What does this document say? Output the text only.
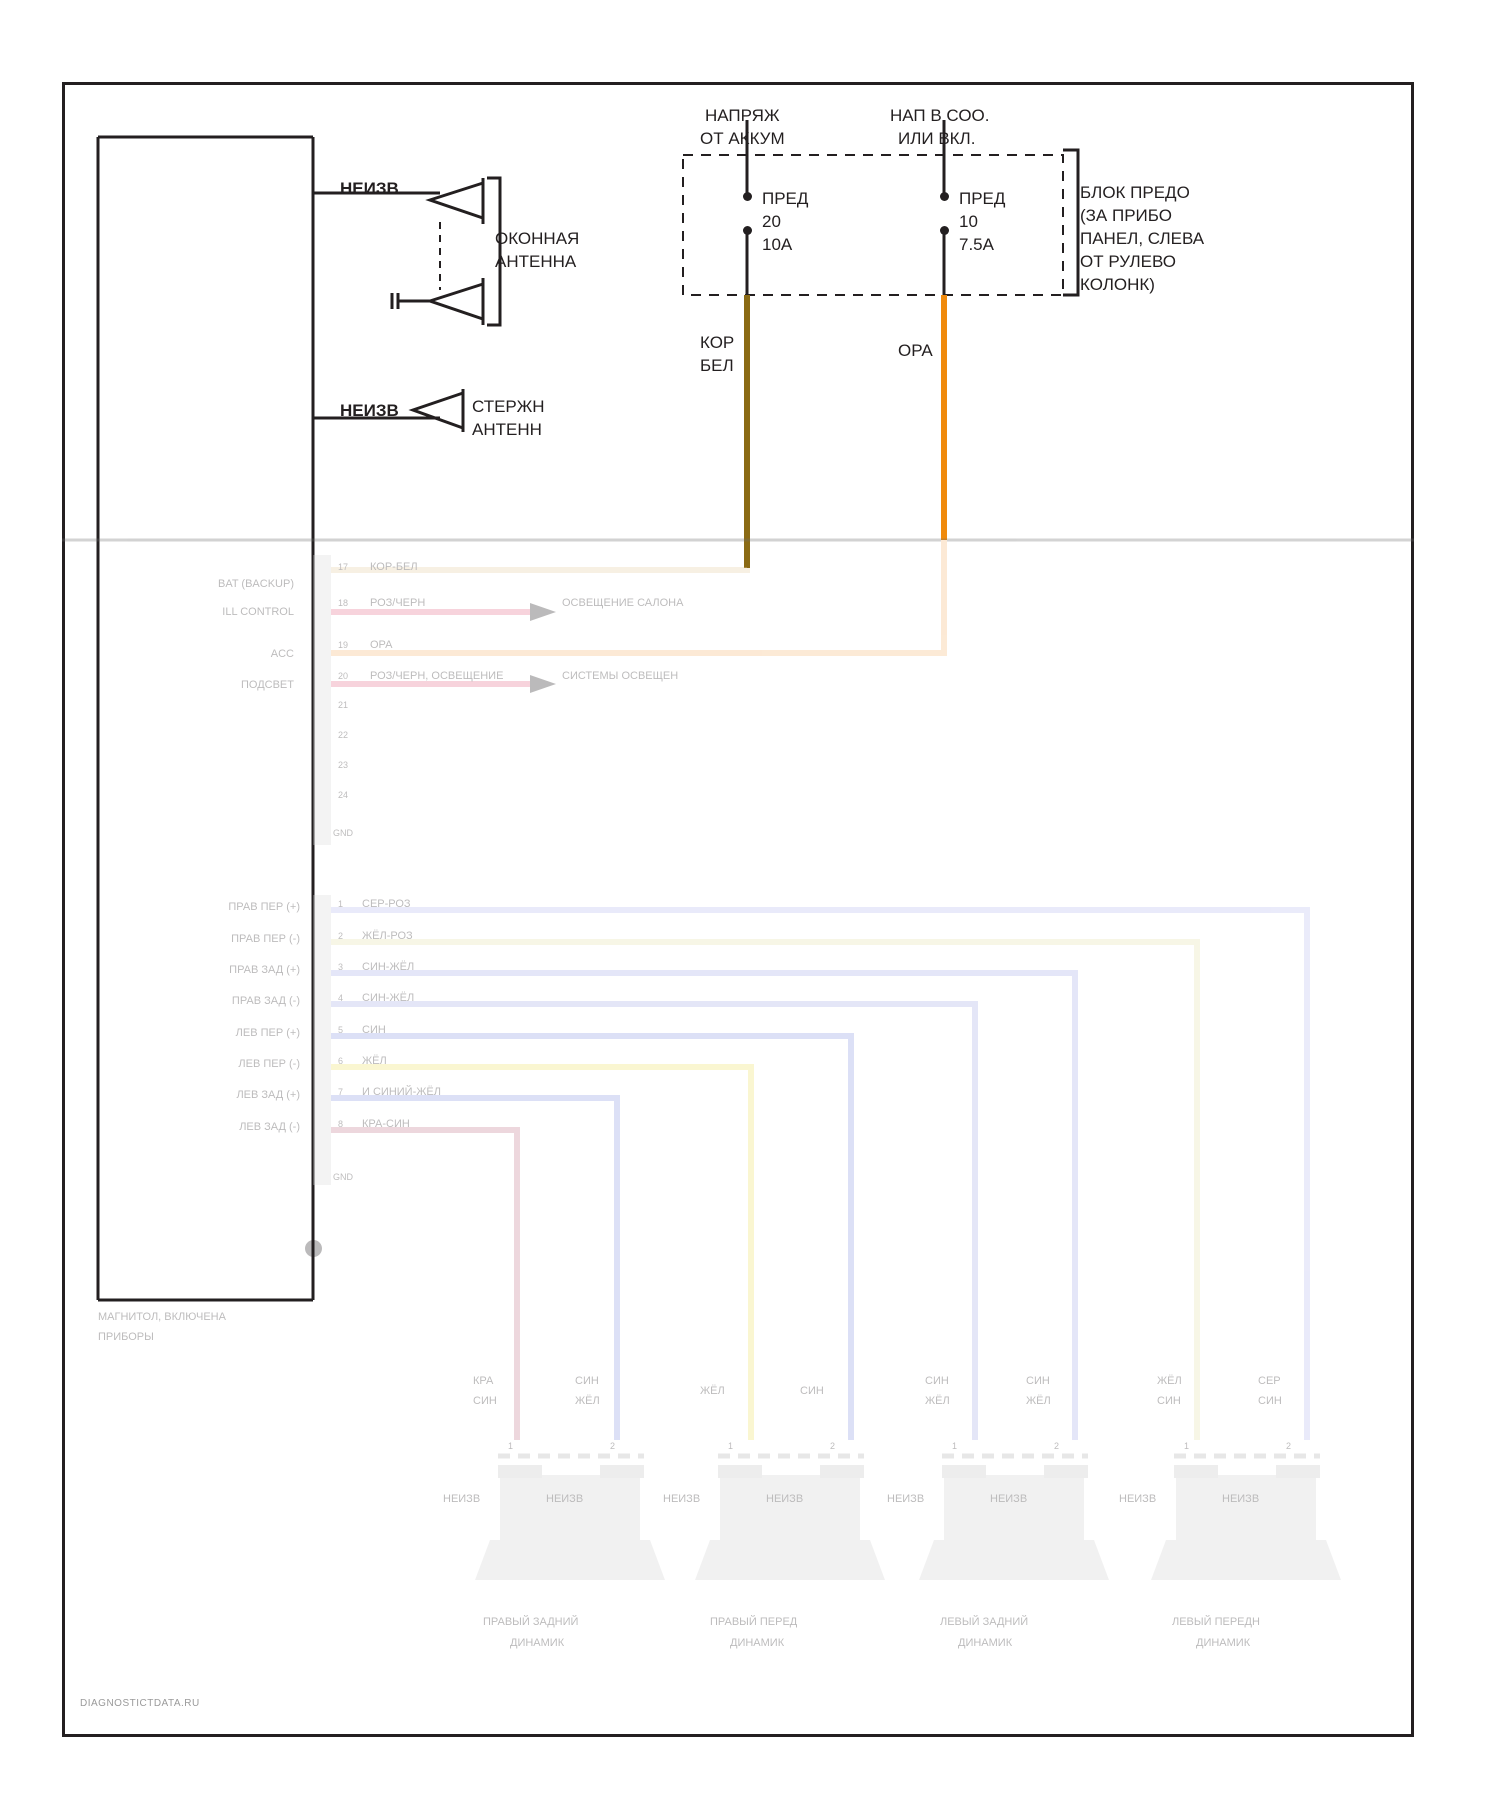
НЕИЗВ
ОКОННАЯ
АНТЕННА
НЕИЗВ	СТЕРЖН
АНТЕНН
НАПРЯЖ
ОТ АККУМ
НАП В СОО.
ИЛИ ВКЛ.
ПРЕД
20
10А
ПРЕД
10
7.5А
БЛОК ПРЕДО
(ЗА ПРИБО
ПАНЕЛ, СЛЕВА
ОТ РУЛЕВО
КОЛОНК)
КОР
БЕЛ
ОРА
BAT (BACKUP)
17 КОР-БЕЛ
ILL CONTROL
18 РОЗ/ЧЕРН	ОСВЕЩЕНИЕ САЛОНА
ACC
19 ОРА
ПОДСВЕТ
20 РОЗ/ЧЕРН, ОСВЕЩЕНИЕ	СИСТЕМЫ ОСВЕЩЕН
21
22
23
24
GND
ПРАВ ПЕР (+)	1 СЕР-РОЗ
ПРАВ ПЕР (-)	2 ЖЁЛ-РОЗ
ПРАВ ЗАД (+)	3 СИН-ЖЁЛ
ПРАВ ЗАД (-)	4 СИН-ЖЁЛ
ЛЕВ ПЕР (+)	5 СИН
ЛЕВ ПЕР (-)	6 ЖЁЛ
ЛЕВ ЗАД (+)	7 И СИНИЙ-ЖЁЛ
ЛЕВ ЗАД (-)	8 КРА-СИН
GND
МАГНИТОЛ, ВКЛЮЧЕНА
ПРИБОРЫ
КРА
СИН
СИН
ЖЁЛ
1	2
НЕИЗВ	НЕИЗВ
ПРАВЫЙ ЗАДНИЙ
ДИНАМИК
ЖЁЛ	СИН
1	2
НЕИЗВ	НЕИЗВ
ПРАВЫЙ ПЕРЕД
ДИНАМИК
СИН
ЖЁЛ
СИН
ЖЁЛ
1	2
НЕИЗВ	НЕИЗВ
ЛЕВЫЙ ЗАДНИЙ
ДИНАМИК
ЖЁЛ
СИН
СЕР
СИН
1	2
НЕИЗВ	НЕИЗВ
ЛЕВЫЙ ПЕРЕДН
ДИНАМИК
DIAGNOSTICTDATA.RU
